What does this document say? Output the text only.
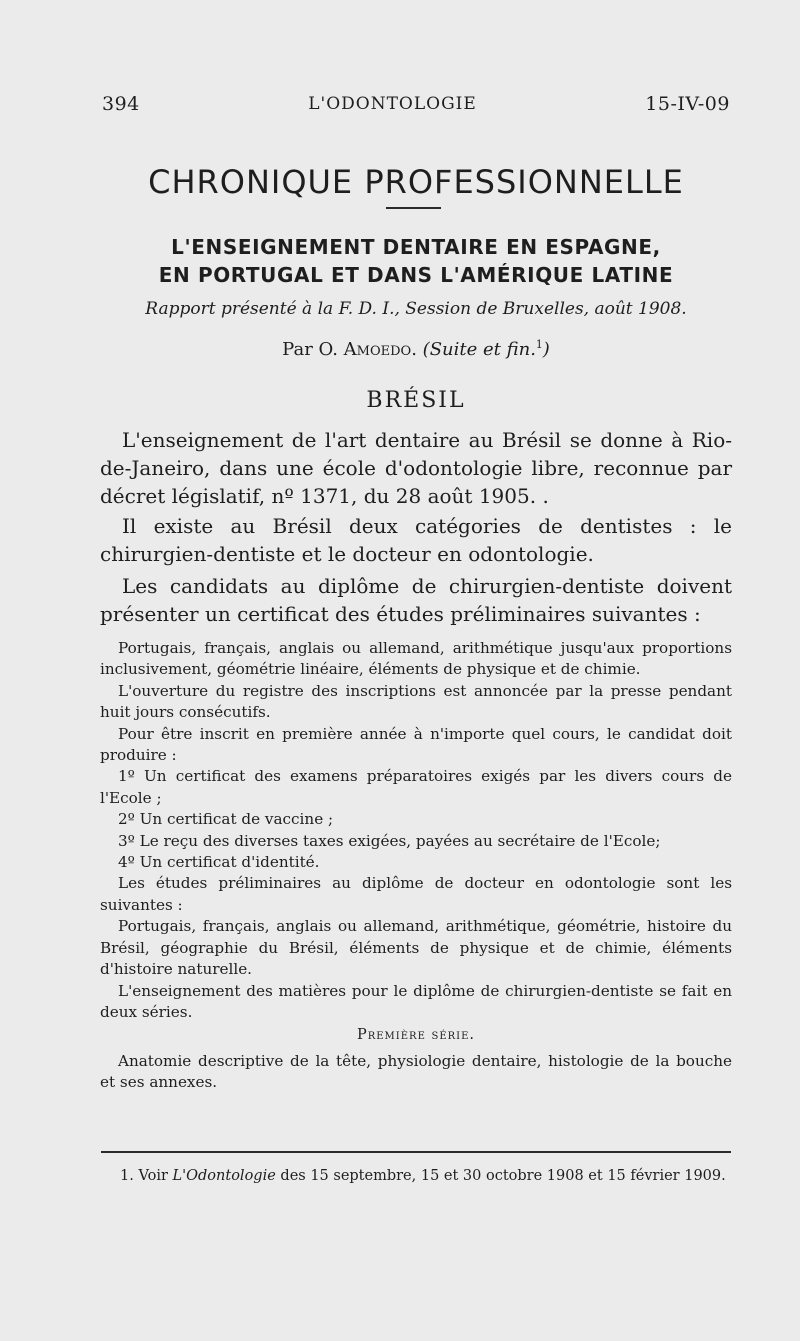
394	L'ODONTOLOGIE	15-IV-09
CHRONIQUE PROFESSIONNELLE
L'ENSEIGNEMENT DENTAIRE EN ESPAGNE,
EN PORTUGAL ET DANS L'AMÉRIQUE LATINE
Rapport présenté à la F. D. I., Session de Bruxelles, août 1908.
Par O. Amoedo. (Suite et fin.$^1$)
BRÉSIL

L'enseignement de l'art dentaire au Brésil se donne à Rio-de-Janeiro, dans une école d'odontologie libre, reconnue par décret législatif, nº 1371, du 28 août 1905. .

Il existe au Brésil deux catégories de dentistes : le chirurgien-dentiste et le docteur en odontologie.

Les candidats au diplôme de chirurgien-dentiste doivent présenter un certificat des études préliminaires suivantes :

Portugais, français, anglais ou allemand, arithmétique jusqu'aux proportions inclusivement, géométrie linéaire, éléments de physique et de chimie.

L'ouverture du registre des inscriptions est annoncée par la presse pendant huit jours consécutifs.

Pour être inscrit en première année à n'importe quel cours, le candidat doit produire :

1º Un certificat des examens préparatoires exigés par les divers cours de l'Ecole ;

2º Un certificat de vaccine ;

3º Le reçu des diverses taxes exigées, payées au secrétaire de l'Ecole;

4º Un certificat d'identité.

Les études préliminaires au diplôme de docteur en odontologie sont les suivantes :

Portugais, français, anglais ou allemand, arithmétique, géométrie, histoire du Brésil, géographie du Brésil, éléments de physique et de chimie, éléments d'histoire naturelle.

L'enseignement des matières pour le diplôme de chirurgien-dentiste se fait en deux séries.

Première série.

Anatomie descriptive de la tête, physiologie dentaire, histologie de la bouche et ses annexes.

1. Voir L'Odontologie des 15 septembre, 15 et 30 octobre 1908 et 15 février 1909.
